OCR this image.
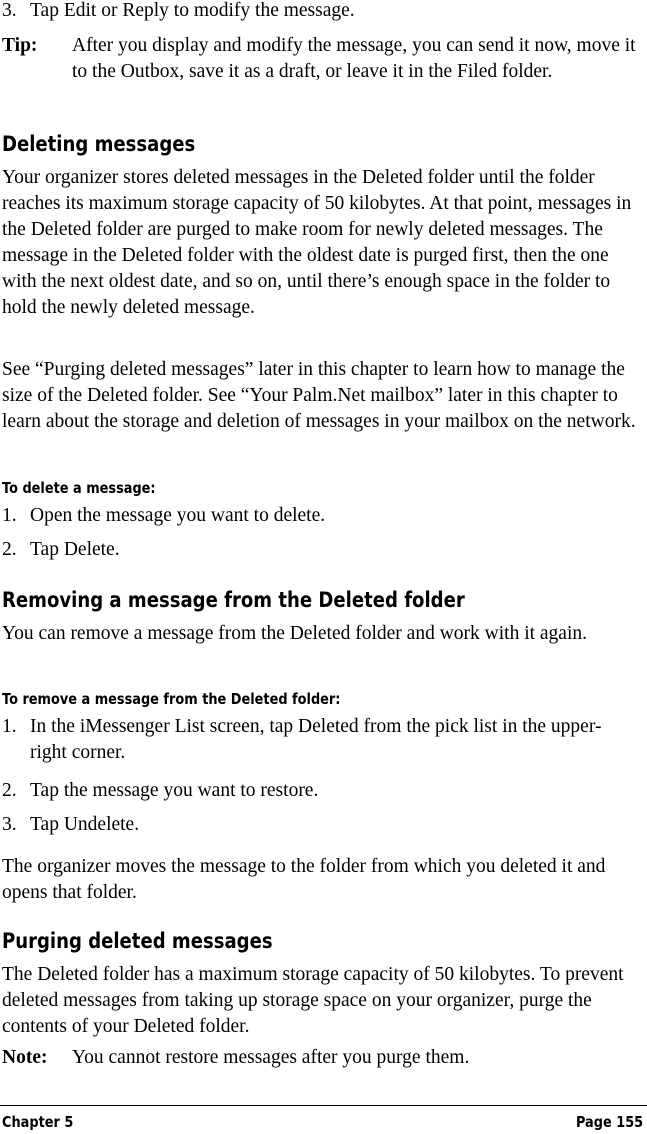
3. Tap Edit or Reply to modify the message.
Tip:	After you display and modify the message, you can send it now, move it to the Outbox, save it as a draft, or leave it in the Filed folder.
Deleting messages

Your organizer stores deleted messages in the Deleted folder until the folder reaches its maximum storage capacity of 50 kilobytes. At that point, messages in the Deleted folder are purged to make room for newly deleted messages. The message in the Deleted folder with the oldest date is purged first, then the one with the next oldest date, and so on, until there’s enough space in the folder to hold the newly deleted message.

See “Purging deleted messages” later in this chapter to learn how to manage the size of the Deleted folder. See “Your Palm.Net mailbox” later in this chapter to learn about the storage and deletion of messages in your mailbox on the network.

To delete a message:
1. Open the message you want to delete.
2. Tap Delete.
Removing a message from the Deleted folder

You can remove a message from the Deleted folder and work with it again.

To remove a message from the Deleted folder:
1. In the iMessenger List screen, tap Deleted from the pick list in the upper-right corner.
2. Tap the message you want to restore.
3. Tap Undelete.

The organizer moves the message to the folder from which you deleted it and opens that folder.

Purging deleted messages

The Deleted folder has a maximum storage capacity of 50 kilobytes. To prevent deleted messages from taking up storage space on your organizer, purge the contents of your Deleted folder.

Note:	You cannot restore messages after you purge them.
Chapter 5	Page 155
